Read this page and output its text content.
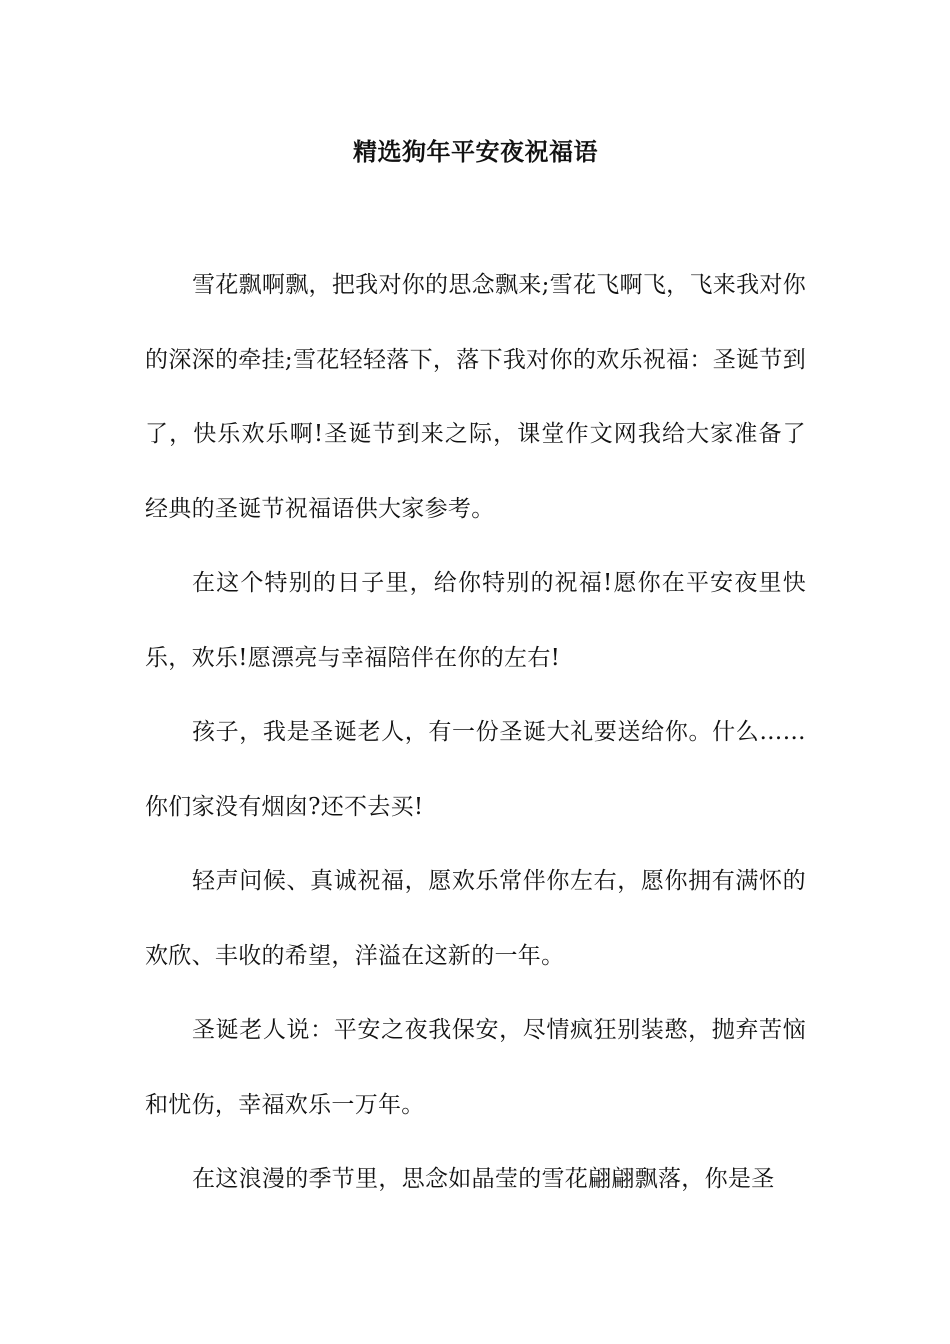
精选狗年平安夜祝福语

雪花飘啊飘，把我对你的思念飘来;雪花飞啊飞，飞来我对你的深深的牵挂;雪花轻轻落下，落下我对你的欢乐祝福：圣诞节到了，快乐欢乐啊!圣诞节到来之际，课堂作文网我给大家准备了经典的圣诞节祝福语供大家参考。

在这个特别的日子里，给你特别的祝福!愿你在平安夜里快乐，欢乐!愿漂亮与幸福陪伴在你的左右!

孩子，我是圣诞老人，有一份圣诞大礼要送给你。什么……你们家没有烟囱?还不去买!

轻声问候、真诚祝福，愿欢乐常伴你左右，愿你拥有满怀的欢欣、丰收的希望，洋溢在这新的一年。

圣诞老人说：平安之夜我保安，尽情疯狂别装憨，抛弃苦恼和忧伤，幸福欢乐一万年。

在这浪漫的季节里，思念如晶莹的雪花翩翩飘落，你是圣
